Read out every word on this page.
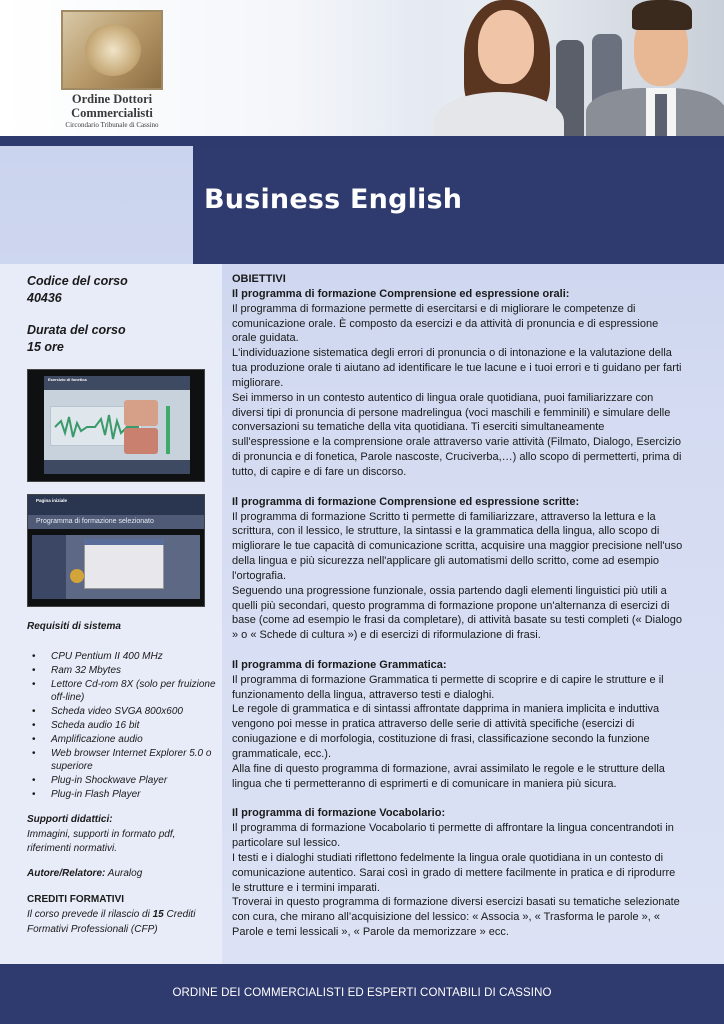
Ordine Dottori
Commercialisti
Circondario Tribunale di Cassino
Business English
Codice del corso
40436
Durata del corso
15 ore
Esercizio di fonetica
Pagina iniziale
Programma di formazione selezionato
Requisiti di sistema
• CPU Pentium II 400 MHz
• Ram 32 Mbytes
• Lettore Cd-rom 8X (solo per fruizione off-line)
• Scheda video SVGA 800x600
• Scheda audio 16 bit
• Amplificazione audio
• Web browser Internet Explorer 5.0 o superiore
• Plug-in Shockwave Player
• Plug-in Flash Player
Supporti didattici:
Immagini, supporti in formato pdf, riferimenti normativi.
Autore/Relatore: Auralog
CREDITI FORMATIVI
Il corso prevede il rilascio di 15 Crediti Formativi Professionali (CFP)

OBIETTIVI

Il programma di formazione Comprensione ed espressione orali:

Il programma di formazione permette di esercitarsi e di migliorare le competenze di comunicazione orale. È composto da esercizi e da attività di pronuncia e di espressione orale guidata.

L'individuazione sistematica degli errori di pronuncia o di intonazione e la valutazione della tua produzione orale ti aiutano ad identificare le tue lacune e i tuoi errori e ti guidano per farti migliorare.

Sei immerso in un contesto autentico di lingua orale quotidiana, puoi familiarizzare con diversi tipi di pronuncia di persone madrelingua (voci maschili e femminili) e simulare delle conversazioni su tematiche della vita quotidiana. Ti eserciti simultaneamente sull'espressione e la comprensione orale attraverso varie attività (Filmato, Dialogo, Esercizio di pronuncia e di fonetica, Parole nascoste, Cruciverba,…) allo scopo di permetterti, prima di tutto, di capire e di fare un discorso.

Il programma di formazione Comprensione ed espressione scritte:

Il programma di formazione Scritto ti permette di familiarizzare, attraverso la lettura e la scrittura, con il lessico, le strutture, la sintassi e la grammatica della lingua, allo scopo di migliorare le tue capacità di comunicazione scritta, acquisire una maggior precisione nell'uso della lingua e più sicurezza nell'applicare gli automatismi dello scritto, come ad esempio l'ortografia.

Seguendo una progressione funzionale, ossia partendo dagli elementi linguistici più utili a quelli più secondari, questo programma di formazione propone un'alternanza di esercizi di base (come ad esempio le frasi da completare), di attività basate su testi completi (« Dialogo » o « Schede di cultura ») e di esercizi di riformulazione di frasi.

Il programma di formazione Grammatica:

Il programma di formazione Grammatica ti permette di scoprire e di capire le strutture e il funzionamento della lingua, attraverso testi e dialoghi.

Le regole di grammatica e di sintassi affrontate dapprima in maniera implicita e induttiva vengono poi messe in pratica attraverso delle serie di attività specifiche (esercizi di coniugazione e di morfologia, costituzione di frasi, classificazione secondo la funzione grammaticale, ecc.).

Alla fine di questo programma di formazione, avrai assimilato le regole e le strutture della lingua che ti permetteranno di esprimerti e di comunicare in maniera più sicura.

Il programma di formazione Vocabolario:

Il programma di formazione Vocabolario ti permette di affrontare la lingua concentrandoti in particolare sul lessico.

I testi e i dialoghi studiati riflettono fedelmente la lingua orale quotidiana in un contesto di comunicazione autentico. Sarai così in grado di mettere facilmente in pratica e di riprodurre le strutture e i termini imparati.

Troverai in questo programma di formazione diversi esercizi basati su tematiche selezionate con cura, che mirano all’acquisizione del lessico: « Associa », « Trasforma le parole », « Parole e temi lessicali », « Parole da memorizzare » ecc.

ORDINE DEI COMMERCIALISTI ED ESPERTI CONTABILI DI CASSINO
